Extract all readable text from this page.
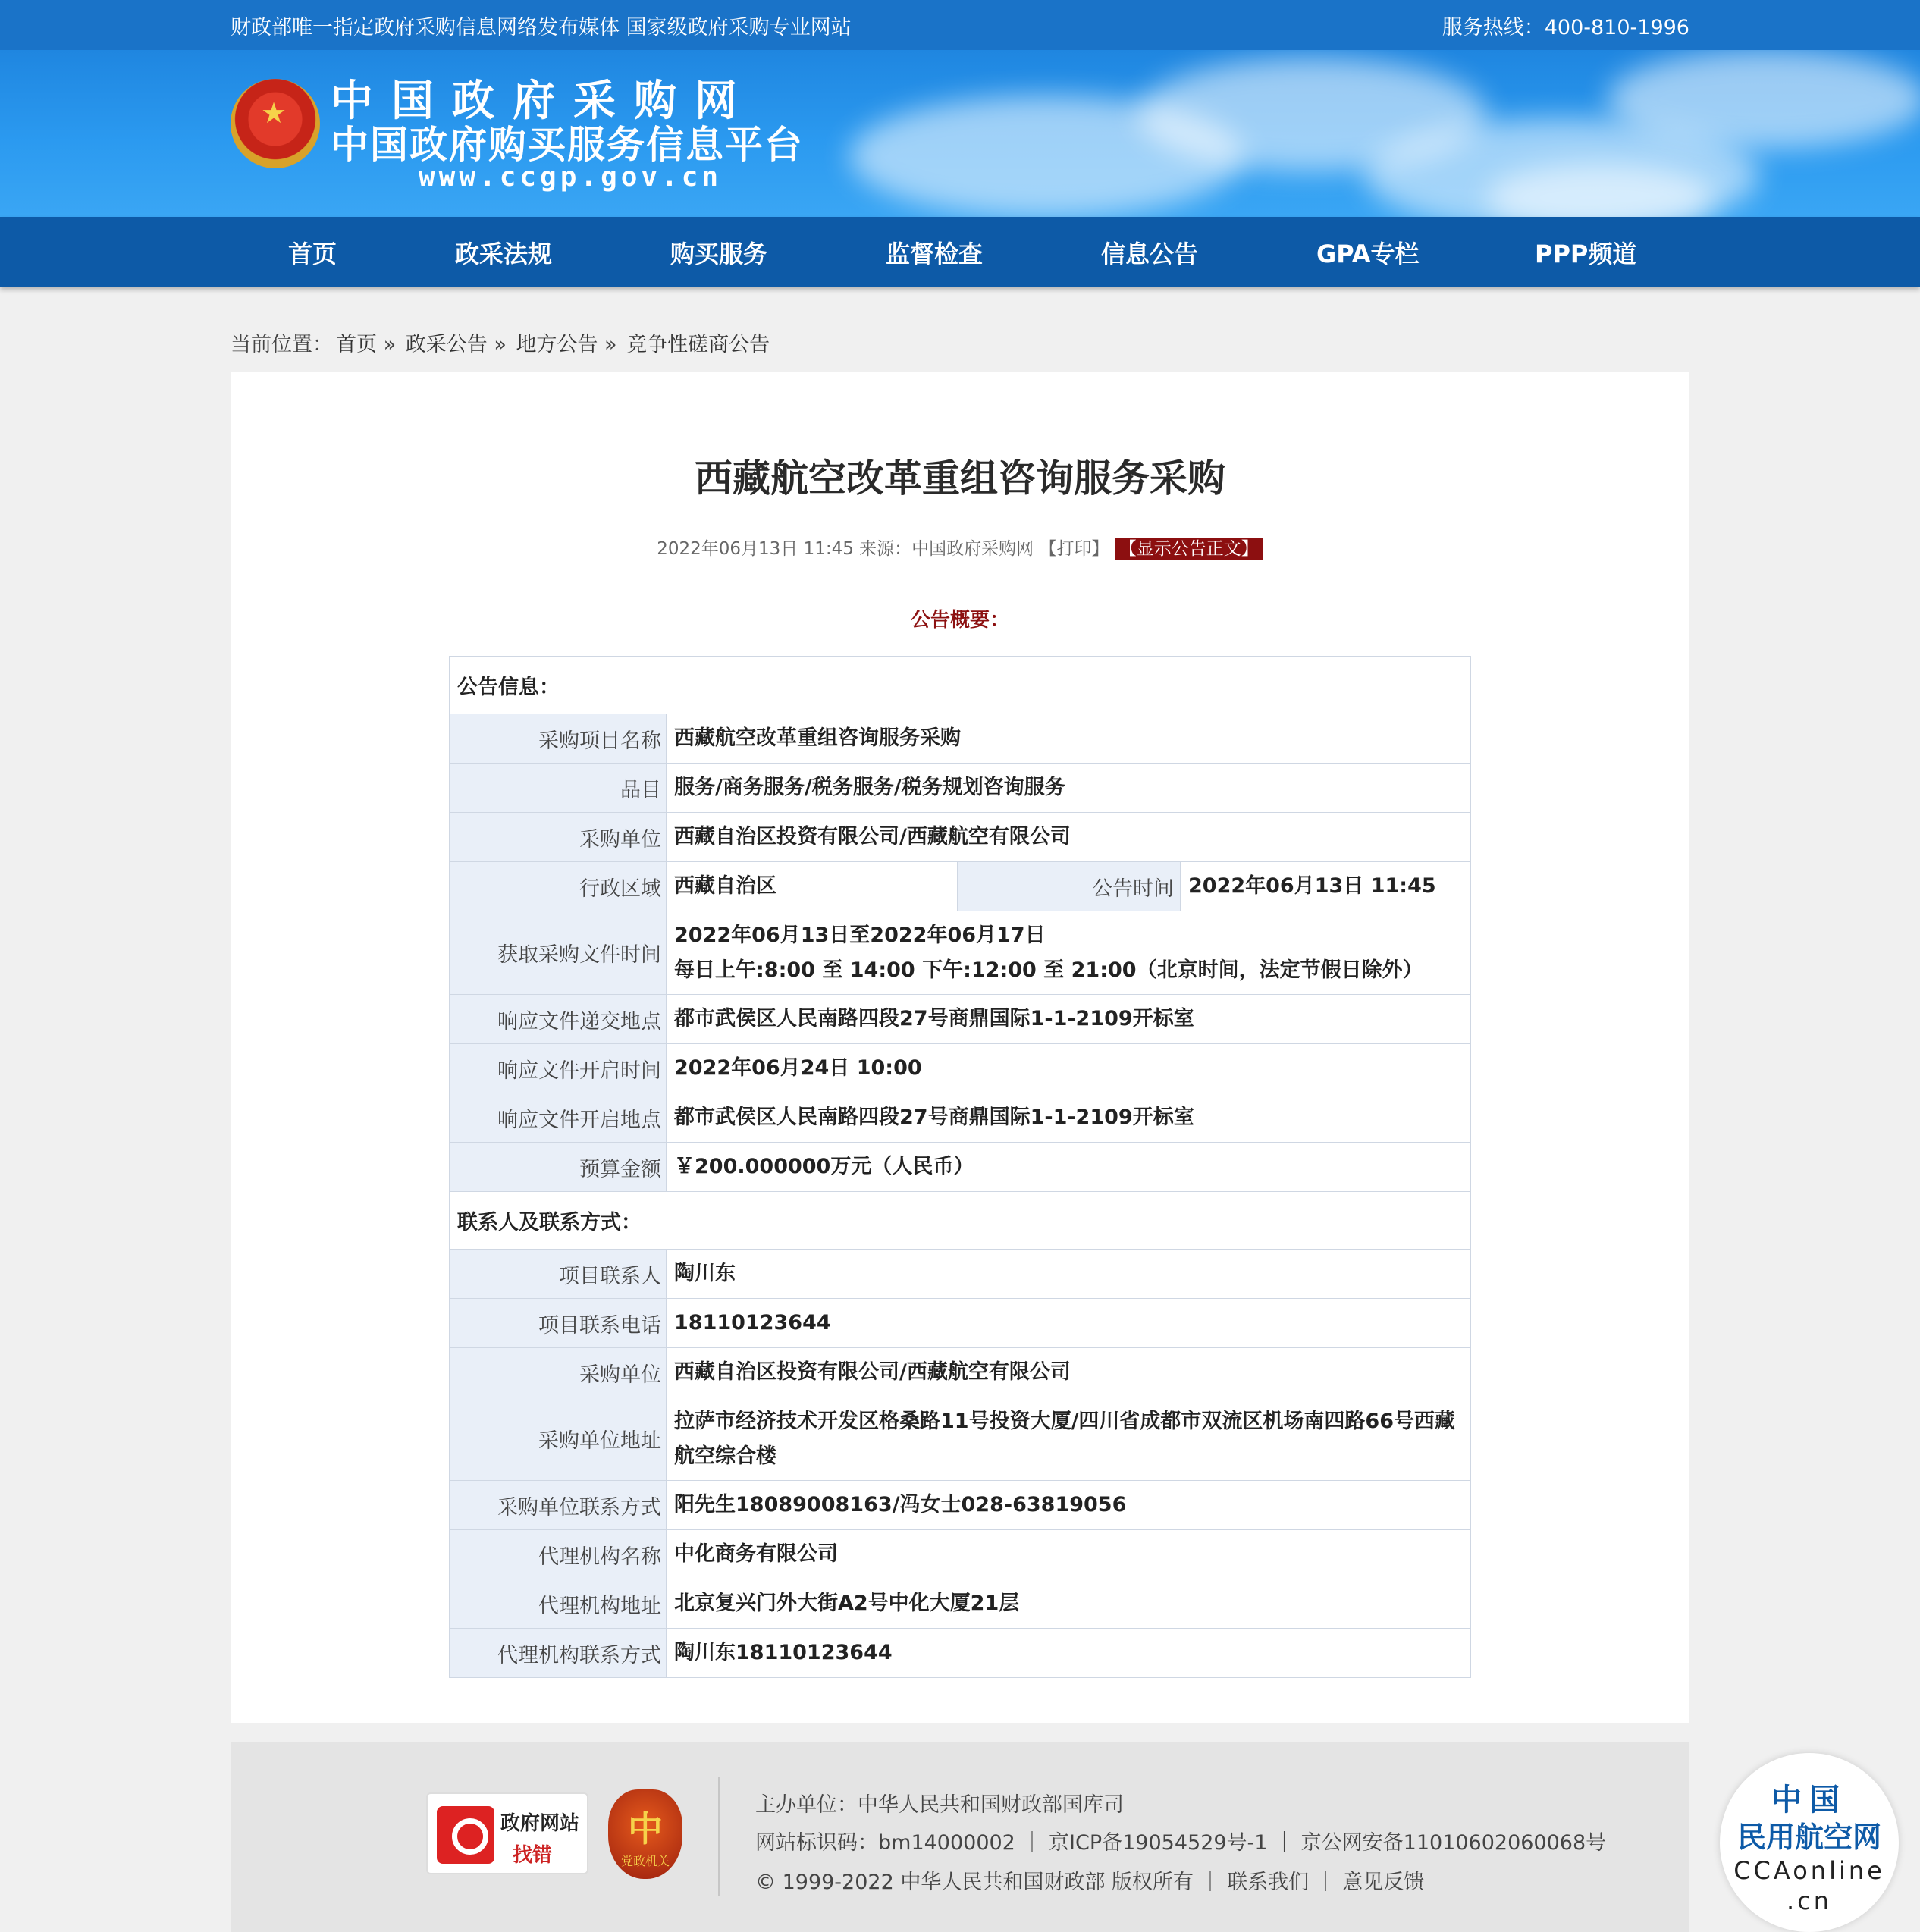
财政部唯一指定政府采购信息网络发布媒体 国家级政府采购专业网站	服务热线：400-810-1996
★ 中国政府采购网
中国政府购买服务信息平台
www.ccgp.gov.cn
首页	政采法规	购买服务	监督检查	信息公告	GPA专栏	PPP频道
当前位置： 首页 » 政采公告 » 地方公告 » 竞争性磋商公告
西藏航空改革重组咨询服务采购
2022年06月13日 11:45 来源：中国政府采购网 【打印】 【显示公告正文】
公告概要：
公告信息：			
采购项目名称	西藏航空改革重组咨询服务采购		
品目	服务/商务服务/税务服务/税务规划咨询服务		
采购单位	西藏自治区投资有限公司/西藏航空有限公司		
行政区域	西藏自治区	公告时间	2022年06月13日 11:45
获取采购文件时间	2022年06月13日至2022年06月17日
每日上午:8:00 至 14:00 下午:12:00 至 21:00（北京时间，法定节假日除外）		

响应文件递交地点	都市武侯区人民南路四段27号商鼎国际1-1-2109开标室		
响应文件开启时间	2022年06月24日 10:00		
响应文件开启地点	都市武侯区人民南路四段27号商鼎国际1-1-2109开标室		
预算金额	￥200.000000万元（人民币）		
联系人及联系方式：			
项目联系人	陶川东		
项目联系电话	18110123644		
采购单位	西藏自治区投资有限公司/西藏航空有限公司		
采购单位地址	拉萨市经济技术开发区格桑路11号投资大厦/四川省成都市双流区机场南四路66号西藏航空综合楼		
采购单位联系方式	阳先生18089008163/冯女士028-63819056		
代理机构名称	中化商务有限公司		
代理机构地址	北京复兴门外大街A2号中化大厦21层		
代理机构联系方式	陶川东18110123644		
政府网站
找错
中
党政机关
主办单位：中华人民共和国财政部国库司
网站标识码：bm14000002 ｜ 京ICP备19054529号-1 ｜ 京公网安备11010602060068号
© 1999-2022 中华人民共和国财政部 版权所有 ｜ 联系我们 ｜ 意见反馈
中国
民用航空网
CCAonline
.cn
